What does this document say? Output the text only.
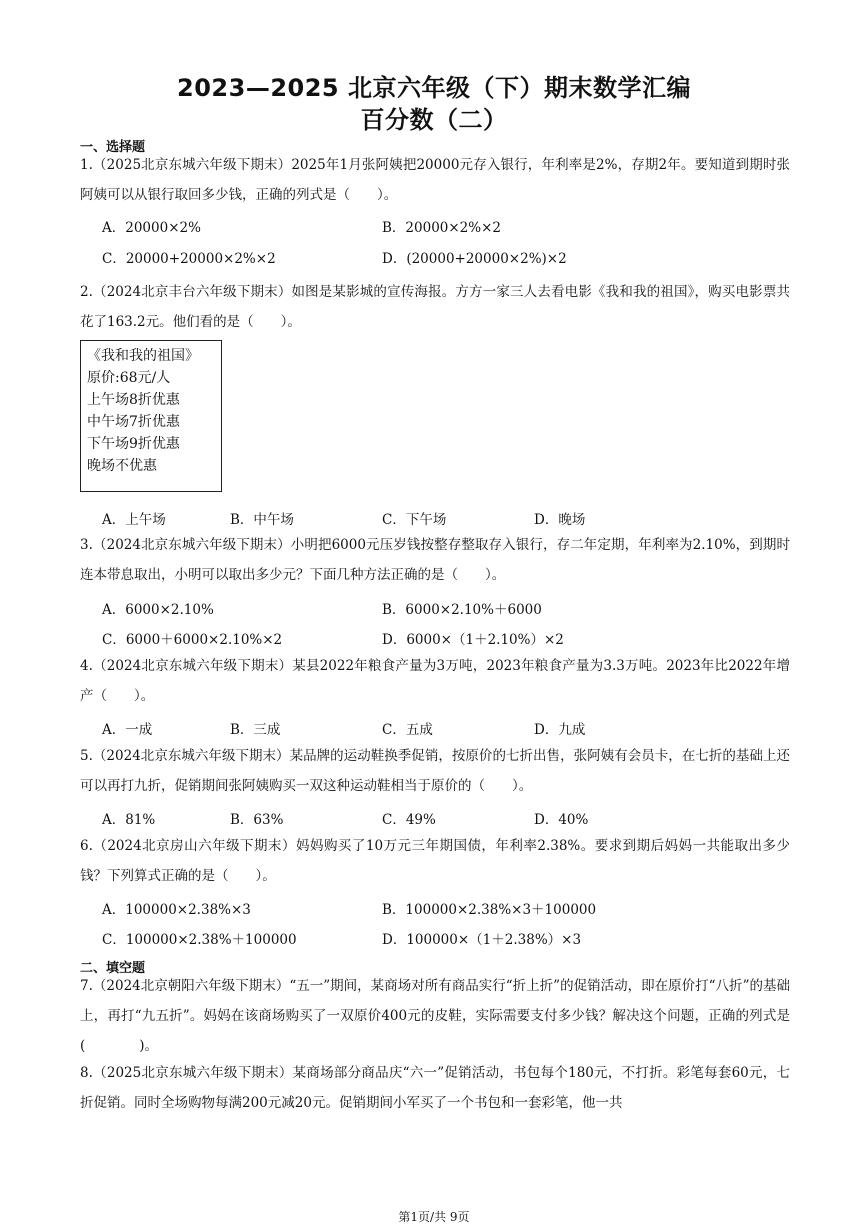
2023—2025 北京六年级（下）期末数学汇编
百分数（二）
一、选择题
1.（2025北京东城六年级下期末）2025年1月张阿姨把20000元存入银行，年利率是2%，存期2年。要知道到期时张阿姨可以从银行取回多少钱，正确的列式是（　　）。
A．20000×2%	B．20000×2%×2
C．20000+20000×2%×2	D．(20000+20000×2%)×2
2.（2024北京丰台六年级下期末）如图是某影城的宣传海报。方方一家三人去看电影《我和我的祖国》，购买电影票共花了163.2元。他们看的是（　　）。
《我和我的祖国》
原价:68元/人
上午场8折优惠
中午场7折优惠
下午场9折优惠
晚场不优惠
A．上午场	B．中午场	C．下午场	D．晚场
3.（2024北京东城六年级下期末）小明把6000元压岁钱按整存整取存入银行，存二年定期，年利率为2.10%，到期时连本带息取出，小明可以取出多少元？下面几种方法正确的是（　　）。
A．6000×2.10%	B．6000×2.10%＋6000
C．6000＋6000×2.10%×2	D．6000×（1＋2.10%）×2
4.（2024北京东城六年级下期末）某县2022年粮食产量为3万吨，2023年粮食产量为3.3万吨。2023年比2022年增产（　　）。
A．一成	B．三成	C．五成	D．九成
5.（2024北京东城六年级下期末）某品牌的运动鞋换季促销，按原价的七折出售，张阿姨有会员卡，在七折的基础上还可以再打九折，促销期间张阿姨购买一双这种运动鞋相当于原价的（　　）。
A．81%	B．63%	C．49%	D．40%
6.（2024北京房山六年级下期末）妈妈购买了10万元三年期国债，年利率2.38%。要求到期后妈妈一共能取出多少钱？下列算式正确的是（　　）。
A．100000×2.38%×3	B．100000×2.38%×3＋100000
C．100000×2.38%＋100000	D．100000×（1＋2.38%）×3
二、填空题
7.（2024北京朝阳六年级下期末）“五一”期间，某商场对所有商品实行“折上折”的促销活动，即在原价打“八折”的基础上，再打“九五折”。妈妈在该商场购买了一双原价400元的皮鞋，实际需要支付多少钱？解决这个问题，正确的列式是(　　　　)。
8.（2025北京东城六年级下期末）某商场部分商品庆“六一”促销活动，书包每个180元，不打折。彩笔每套60元，七折促销。同时全场购物每满200元减20元。促销期间小军买了一个书包和一套彩笔，他一共
第1页/共 9页
